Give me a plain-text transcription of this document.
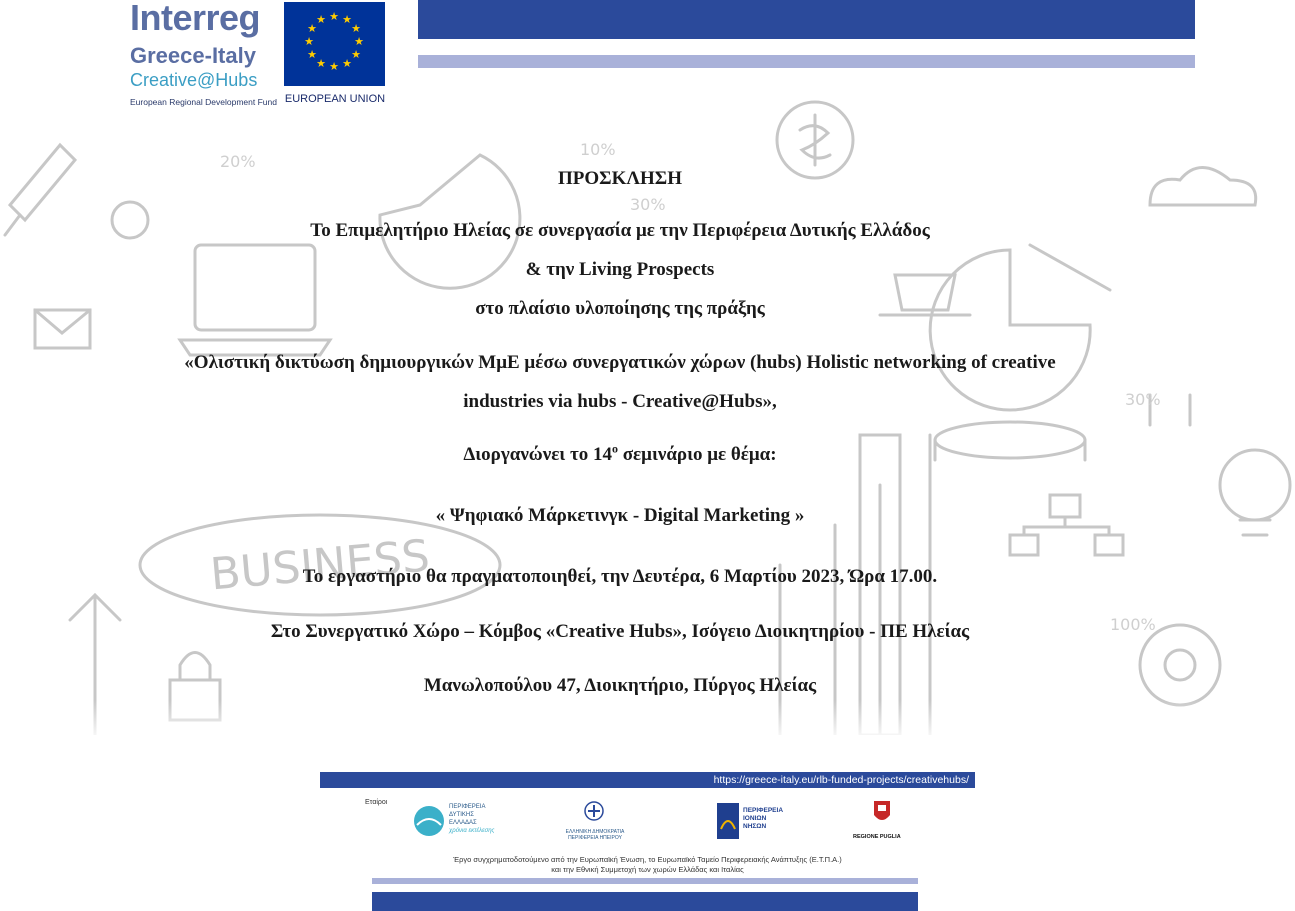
BUSINESS
20%
10%
30%
30%
100%
Interreg
Greece-Italy
Creative@Hubs
European Regional Development Fund
★ ★
★
★
★
★
★
★
★
★
★
★
EUROPEAN UNION

ΠΡΟΣΚΛΗΣΗ

Το Επιμελητήριο Ηλείας σε συνεργασία με την Περιφέρεια Δυτικής Ελλάδος

& την Living Prospects

στο πλαίσιο υλοποίησης της πράξης

«Ολιστική δικτύωση δημιουργικών ΜμΕ μέσω συνεργατικών χώρων (hubs) Holistic networking of creative

industries via hubs - Creative@Hubs»,

Διοργανώνει το $14^o$ σεμινάριο με θέμα:

« Ψηφιακό Μάρκετινγκ - Digital Marketing »

Το εργαστήριο θα πραγματοποιηθεί, την Δευτέρα, 6 Μαρτίου 2023, Ώρα 17.00.

Στο Συνεργατικό Χώρο – Κόμβος «Creative Hubs», Ισόγειο Διοικητηρίου - ΠΕ Ηλείας

Μανωλοπούλου 47, Διοικητήριο, Πύργος Ηλείας

https://greece-italy.eu/rlb-funded-projects/creativehubs/
Εταίροι
ΠΕΡΙΦΕΡΕΙΑ
ΔΥΤΙΚΗΣ
ΕΛΛΑΔΑΣ
χρόνια εκτέλεσης	ΕΛΛΗΝΙΚΗ ΔΗΜΟΚΡΑΤΙΑ
ΠΕΡΙΦΕΡΕΙΑ ΗΠΕΙΡΟΥ
ΠΕΡΙΦΕΡΕΙΑ
ΙΟΝΙΩΝ
ΝΗΣΩΝ
REGIONE PUGLIA
Έργο συγχρηματοδοτούμενο από την Ευρωπαϊκή Ένωση, το Ευρωπαϊκό Ταμείο Περιφερειακής Ανάπτυξης (Ε.Τ.Π.Α.)
και την Εθνική Συμμετοχή των χωρών Ελλάδας και Ιταλίας
